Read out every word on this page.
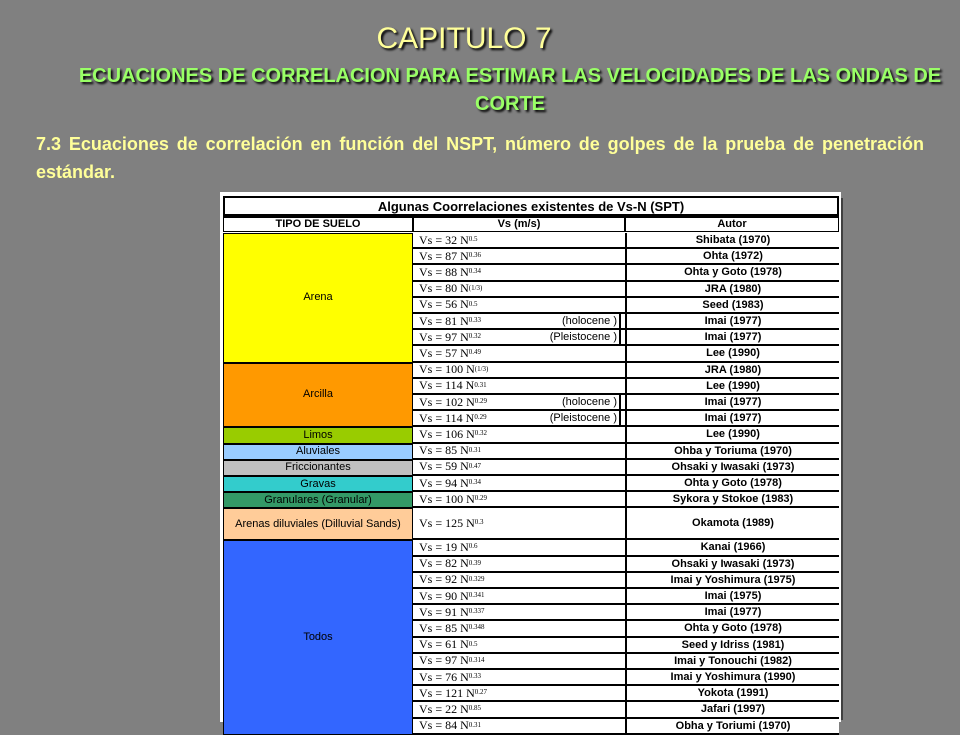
CAPITULO 7
ECUACIONES DE CORRELACION PARA ESTIMAR LAS VELOCIDADES DE LAS ONDAS DE CORTE
7.3 Ecuaciones de correlación en función del NSPT, número de golpes de la prueba de penetración estándar.
Algunas Coorrelaciones existentes de Vs-N (SPT)
TIPO DE SUELO	Vs (m/s)	Autor
Arena
Vs = 32 $N^{0.5}$	Shibata (1970)
Vs = 87 $N^{0.36}$	Ohta (1972)
Vs = 88 $N^{0.34}$	Ohta y Goto (1978)
Vs = 80 $N^{(1/3)}$	JRA (1980)
Vs = 56 $N^{0.5}$	Seed (1983)
Vs = 81 $N^{0.33}$	(holocene )	Imai (1977)
Vs = 97 $N^{0.32}$	(Pleistocene )	Imai (1977)
Vs = 57 $N^{0.49}$	Lee (1990)
Arcilla
Vs = 100 $N^{(1/3)}$	JRA (1980)
Vs = 114 $N^{0.31}$	Lee (1990)
Vs = 102 $N^{0.29}$	(holocene )	Imai (1977)
Vs = 114 $N^{0.29}$	(Pleistocene )	Imai (1977)
Limos	Vs = 106 $N^{0.32}$	Lee (1990)
Aluviales	Vs = 85 $N^{0.31}$	Ohba y Toriuma (1970)
Friccionantes	Vs = 59 $N^{0.47}$	Ohsaki y Iwasaki (1973)
Gravas	Vs = 94 $N^{0.34}$	Ohta y Goto (1978)
Granulares (Granular)	Vs = 100 $N^{0.29}$	Sykora y Stokoe (1983)
Arenas diluviales (Dilluvial Sands)	Vs = 125 $N^{0.3}$	Okamota (1989)
Todos
Vs = 19 $N^{0.6}$	Kanai (1966)
Vs = 82 $N^{0.39}$	Ohsaki y Iwasaki (1973)
Vs = 92 $N^{0.329}$	Imai y Yoshimura (1975)
Vs = 90 $N^{0.341}$	Imai (1975)
Vs = 91 $N^{0.337}$	Imai (1977)
Vs = 85 $N^{0.348}$	Ohta y Goto (1978)
Vs = 61 $N^{0.5}$	Seed y Idriss (1981)
Vs = 97 $N^{0.314}$	Imai y Tonouchi (1982)
Vs = 76 $N^{0.33}$	Imai y Yoshimura (1990)
Vs = 121 $N^{0.27}$	Yokota (1991)
Vs = 22 $N^{0.85}$	Jafari (1997)
Vs = 84 $N^{0.31}$	Obha y Toriumi (1970)
